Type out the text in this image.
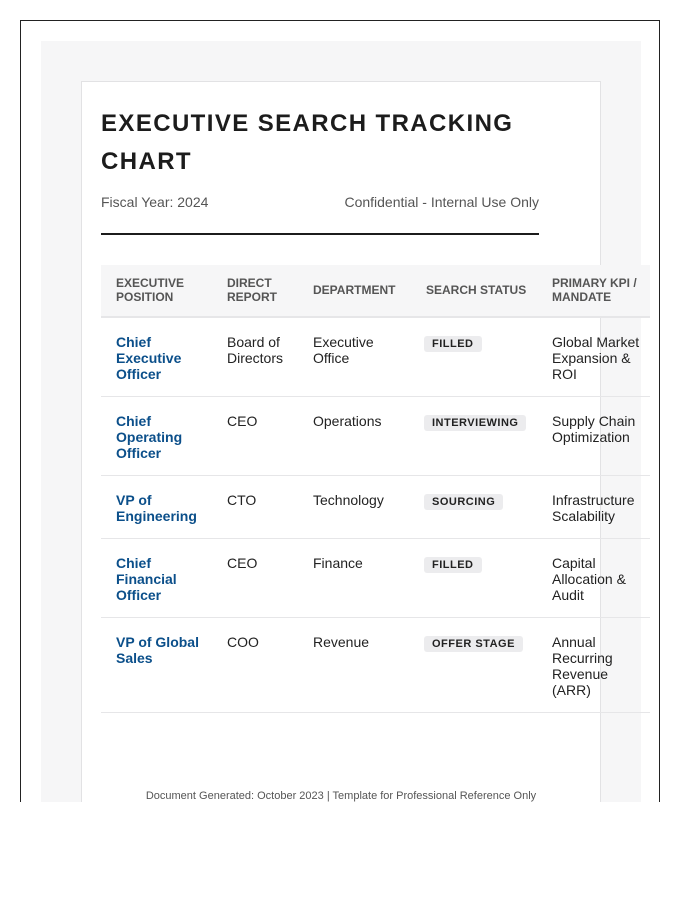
EXECUTIVE SEARCH TRACKING CHART
Fiscal Year: 2024	Confidential - Internal Use Only
EXECUTIVE POSITION	DIRECT REPORT	DEPARTMENT	SEARCH STATUS	PRIMARY KPI / MANDATE
Chief Executive Officer	Board of Directors	Executive Office	FILLED	Global Market Expansion & ROI
Chief Operating Officer	CEO	Operations	INTERVIEWING	Supply Chain Optimization
VP of Engineering	CTO	Technology	SOURCING	Infrastructure Scalability
Chief Financial Officer	CEO	Finance	FILLED	Capital Allocation & Audit
VP of Global Sales	COO	Revenue	OFFER STAGE	Annual Recurring Revenue (ARR)
Document Generated: October 2023 | Template for Professional Reference Only
